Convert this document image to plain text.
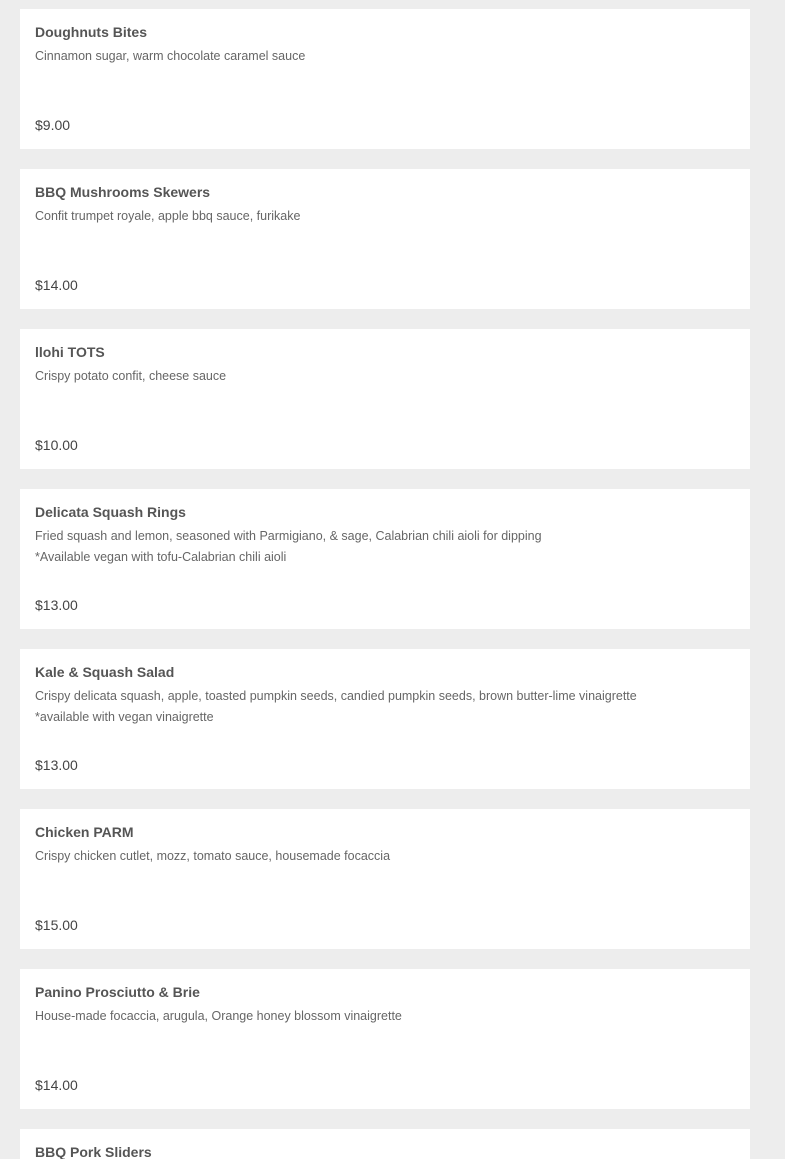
Doughnuts Bites
Cinnamon sugar, warm chocolate caramel sauce
$9.00
BBQ Mushrooms Skewers
Confit trumpet royale, apple bbq sauce, furikake
$14.00
llohi TOTS
Crispy potato confit, cheese sauce
$10.00
Delicata Squash Rings
Fried squash and lemon, seasoned with Parmigiano, & sage, Calabrian chili aioli for dipping
*Available vegan with tofu-Calabrian chili aioli
$13.00
Kale & Squash Salad
Crispy delicata squash, apple, toasted pumpkin seeds, candied pumpkin seeds, brown butter-lime vinaigrette
*available with vegan vinaigrette
$13.00
Chicken PARM
Crispy chicken cutlet, mozz, tomato sauce, housemade focaccia
$15.00
Panino Prosciutto & Brie
House-made focaccia, arugula, Orange honey blossom vinaigrette
$14.00
BBQ Pork Sliders
